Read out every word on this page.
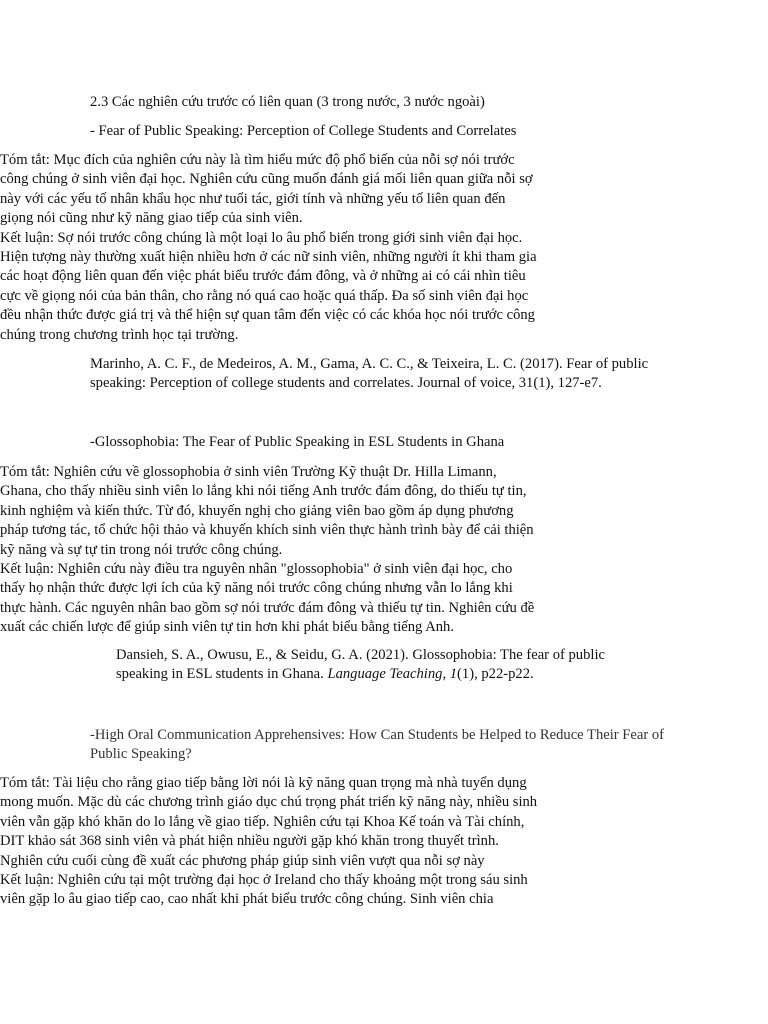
2.3 Các nghiên cứu trước có liên quan (3 trong nước, 3 nước ngoài)

- Fear of Public Speaking: Perception of College Students and Correlates

Tóm tắt: Mục đích của nghiên cứu này là tìm hiểu mức độ phổ biến của nỗi sợ nói trước công chúng ở sinh viên đại học. Nghiên cứu cũng muốn đánh giá mối liên quan giữa nỗi sợ này với các yếu tố nhân khẩu học như tuổi tác, giới tính và những yếu tố liên quan đến giọng nói cũng như kỹ năng giao tiếp của sinh viên.
Kết luận: Sợ nói trước công chúng là một loại lo âu phổ biến trong giới sinh viên đại học. Hiện tượng này thường xuất hiện nhiều hơn ở các nữ sinh viên, những người ít khi tham gia các hoạt động liên quan đến việc phát biểu trước đám đông, và ở những ai có cái nhìn tiêu cực về giọng nói của bản thân, cho rằng nó quá cao hoặc quá thấp. Đa số sinh viên đại học đều nhận thức được giá trị và thể hiện sự quan tâm đến việc có các khóa học nói trước công chúng trong chương trình học tại trường.

Marinho, A. C. F., de Medeiros, A. M., Gama, A. C. C., & Teixeira, L. C. (2017). Fear of public speaking: Perception of college students and correlates. Journal of voice, 31(1), 127-e7.

-Glossophobia: The Fear of Public Speaking in ESL Students in Ghana

Tóm tắt: Nghiên cứu về glossophobia ở sinh viên Trường Kỹ thuật Dr. Hilla Limann, Ghana, cho thấy nhiều sinh viên lo lắng khi nói tiếng Anh trước đám đông, do thiếu tự tin, kinh nghiệm và kiến thức. Từ đó, khuyến nghị cho giảng viên bao gồm áp dụng phương pháp tương tác, tổ chức hội thảo và khuyến khích sinh viên thực hành trình bày để cải thiện kỹ năng và sự tự tin trong nói trước công chúng.
Kết luận: Nghiên cứu này điều tra nguyên nhân "glossophobia" ở sinh viên đại học, cho thấy họ nhận thức được lợi ích của kỹ năng nói trước công chúng nhưng vẫn lo lắng khi thực hành. Các nguyên nhân bao gồm sợ nói trước đám đông và thiếu tự tin. Nghiên cứu đề xuất các chiến lược để giúp sinh viên tự tin hơn khi phát biểu bằng tiếng Anh.

Dansieh, S. A., Owusu, E., & Seidu, G. A. (2021). Glossophobia: The fear of public speaking in ESL students in Ghana. Language Teaching, 1(1), p22-p22.

-High Oral Communication Apprehensives: How Can Students be Helped to Reduce Their Fear of Public Speaking?

Tóm tắt: Tài liệu cho rằng giao tiếp bằng lời nói là kỹ năng quan trọng mà nhà tuyển dụng mong muốn. Mặc dù các chương trình giáo dục chú trọng phát triển kỹ năng này, nhiều sinh viên vẫn gặp khó khăn do lo lắng về giao tiếp. Nghiên cứu tại Khoa Kế toán và Tài chính, DIT khảo sát 368 sinh viên và phát hiện nhiều người gặp khó khăn trong thuyết trình. Nghiên cứu cuối cùng đề xuất các phương pháp giúp sinh viên vượt qua nỗi sợ này
Kết luận: Nghiên cứu tại một trường đại học ở Ireland cho thấy khoảng một trong sáu sinh viên gặp lo âu giao tiếp cao, cao nhất khi phát biểu trước công chúng. Sinh viên chia
